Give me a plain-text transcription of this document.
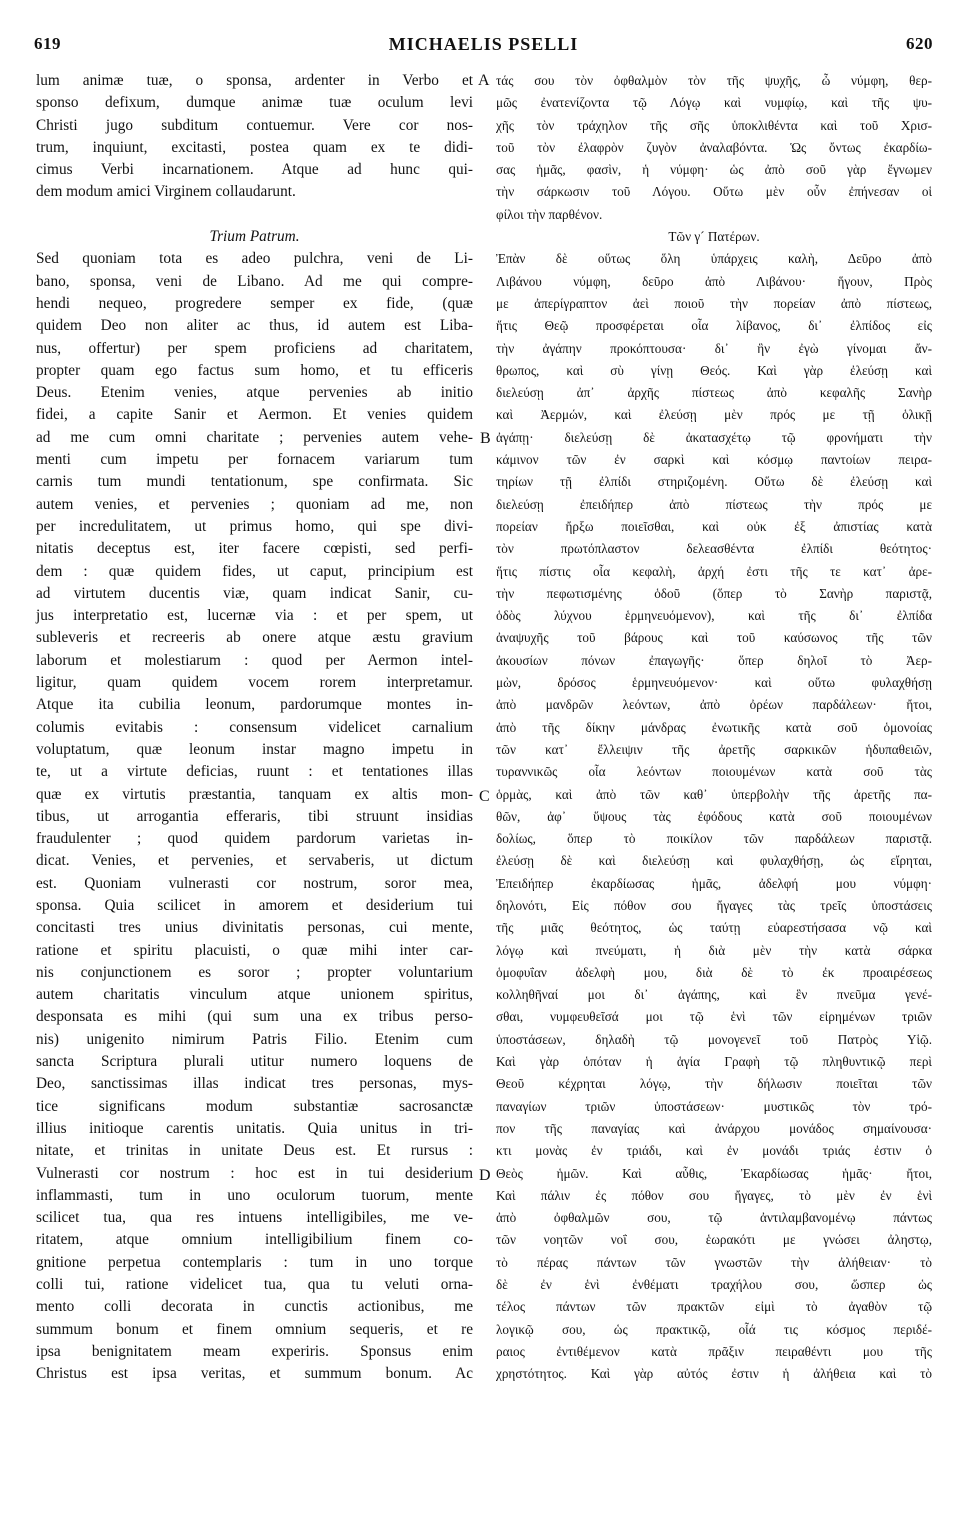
619	MICHAELIS PSELLI	620
lum animæ tuæ, o sponsa, ardenter in Verbo et
sponso defixum, dumque animæ tuæ oculum levi
Christi jugo subditum contuemur. Vere cor nos-
trum, inquiunt, excitasti, postea quam ex te didi-
cimus Verbi incarnationem. Atque ad hunc qui-
dem modum amici Virginem collaudarunt.
Trium Patrum.
Sed quoniam tota es adeo pulchra, veni de Li-
bano, sponsa, veni de Libano. Ad me qui compre-
hendi nequeo, progredere semper ex fide, (quæ
quidem Deo non aliter ac thus, id autem est Liba-
nus, offertur) per spem proficiens ad charitatem,
propter quam ego factus sum homo, et tu efficeris
Deus. Etenim venies, atque pervenies ab initio
fidei, a capite Sanir et Aermon. Et venies quidem
ad me cum omni charitate ; pervenies autem vehe-
menti cum impetu per fornacem variarum tum
carnis tum mundi tentationum, spe confirmata. Sic
autem venies, et pervenies ; quoniam ad me, non
per incredulitatem, ut primus homo, qui spe divi-
nitatis deceptus est, iter facere cœpisti, sed perfi-
dem : quæ quidem fides, ut caput, principium est
ad virtutem ducentis viæ, quam indicat Sanir, cu-
jus interpretatio est, lucernæ via : et per spem, ut
subleveris et recreeris ab onere atque æstu gravium
laborum et molestiarum : quod per Aermon intel-
ligitur, quam quidem vocem rorem interpretamur.
Atque ita cubilia leonum, pardorumque montes in-
columis evitabis : consensum videlicet carnalium
voluptatum, quæ leonum instar magno impetu in
te, ut a virtute deficias, ruunt : et tentationes illas
quæ ex virtutis præstantia, tanquam ex altis mon-
tibus, ut arrogantia efferaris, tibi struunt insidias
fraudulenter ; quod quidem pardorum varietas in-
dicat. Venies, et pervenies, et servaberis, ut dictum
est. Quoniam vulnerasti cor nostrum, soror mea,
sponsa. Quia scilicet in amorem et desiderium tui
concitasti tres unius divinitatis personas, cui mente,
ratione et spiritu placuisti, o quæ mihi inter car-
nis conjunctionem es soror ; propter voluntarium
autem charitatis vinculum atque unionem spiritus,
desponsata es mihi (qui sum una ex tribus perso-
nis) unigenito nimirum Patris Filio. Etenim cum
sancta Scriptura plurali utitur numero loquens de
Deo, sanctissimas illas indicat tres personas, mys-
tice significans modum substantiæ sacrosanctæ
illius initioque carentis unitatis. Quia unitus in tri-
nitate, et trinitas in unitate Deus est. Et rursus :
Vulnerasti cor nostrum : hoc est in tui desiderium
inflammasti, tum in uno oculorum tuorum, mente
scilicet tua, qua res intuens intelligibiles, me ve-
ritatem, atque omnium intelligibilium finem co-
gnitione perpetua contemplaris : tum in uno torque
colli tui, ratione videlicet tua, qua tu veluti orna-
mento colli decorata in cunctis actionibus, me
summum bonum et finem omnium sequeris, et re
ipsa benignitatem meam experiris. Sponsus enim
Christus est ipsa veritas, et summum bonum. Ac
τάς σου τὸν ὀφθαλμὸν τὸν τῆς ψυχῆς, ὦ νύμφη, θερ-
μῶς ἐνατενίζοντα τῷ Λόγῳ καὶ νυμφίῳ, καὶ τῆς ψυ-
χῆς τὸν τράχηλον τῆς σῆς ὑποκλιθέντα καὶ τοῦ Χρισ-
τοῦ τὸν ἐλαφρὸν ζυγὸν ἀναλαβόντα. Ὡς ὄντως ἐκαρδίω-
σας ἡμᾶς, φασὶν, ἡ νύμφη· ὡς ἀπὸ σοῦ γὰρ ἔγνωμεν
τὴν σάρκωσιν τοῦ Λόγου. Οὕτω μὲν οὖν ἐπήνεσαν οἱ
φίλοι τὴν παρθένον.
Τῶν γ´ Πατέρων.
Ἐπὰν δὲ οὕτως ὅλη ὑπάρχεις καλὴ, Δεῦρο ἀπὸ
Λιβάνου νύμφη, δεῦρο ἀπὸ Λιβάνου· ἥγουν, Πρὸς
με ἀπερίγραπτον ἀεὶ ποιοῦ τὴν πορείαν ἀπὸ πίστεως,
ἥτις Θεῷ προσφέρεται οἷα λίβανος, δι᾿ ἐλπίδος εἰς
τὴν ἀγάπην προκόπτουσα· δι᾿ ἣν ἐγὼ γίνομαι ἄν-
θρωπος, καὶ σὺ γίνῃ Θεός. Καὶ γὰρ ἐλεύσῃ καὶ
διελεύσῃ ἀπ᾿ ἀρχῆς πίστεως ἀπὸ κεφαλῆς Σανὴρ
καὶ Ἀερμών, καὶ ἐλεύσῃ μὲν πρός με τῇ ὁλικῇ
ἀγάπῃ· διελεύσῃ δὲ ἀκατασχέτῳ τῷ φρονήματι τὴν
κάμινον τῶν ἐν σαρκὶ καὶ κόσμῳ παντοίων πειρα-
τηρίων τῇ ἐλπίδι στηριζομένη. Οὕτω δὲ ἐλεύσῃ καὶ
διελεύσῃ ἐπειδήπερ ἀπὸ πίστεως τὴν πρός με
πορείαν ἤρξω ποιεῖσθαι, καὶ οὐκ ἐξ ἀπιστίας κατὰ
τὸν πρωτόπλαστον δελεασθέντα ἐλπίδι θεότητος·
ἥτις πίστις οἷα κεφαλὴ, ἀρχή ἐστι τῆς τε κατ᾿ ἀρε-
τὴν πεφωτισμένης ὁδοῦ (ὅπερ τὸ Σανὴρ παριστᾷ,
ὁδὸς λύχνου ἑρμηνευόμενον), καὶ τῆς δι᾿ ἐλπίδα
ἀναψυχῆς τοῦ βάρους καὶ τοῦ καύσωνος τῆς τῶν
ἀκουσίων πόνων ἐπαγωγῆς· ὅπερ δηλοῖ τὸ Ἀερ-
μὼν, δρόσος ἑρμηνευόμενον· καὶ οὕτω φυλαχθήσῃ
ἀπὸ μανδρῶν λεόντων, ἀπὸ ὀρέων παρδάλεων· ἤτοι,
ἀπὸ τῆς δίκην μάνδρας ἐνωτικῆς κατὰ σοῦ ὁμονοίας
τῶν κατ᾿ ἔλλειψιν τῆς ἀρετῆς σαρκικῶν ἡδυπαθειῶν,
τυραννικῶς οἷα λεόντων ποιουμένων κατὰ σοῦ τὰς
ὁρμὰς, καὶ ἀπὸ τῶν καθ᾿ ὑπερβολὴν τῆς ἀρετῆς πα-
θῶν, ἀφ᾿ ὕψους τὰς ἐφόδους κατὰ σοῦ ποιουμένων
δολίως, ὅπερ τὸ ποικίλον τῶν παρδάλεων παριστᾷ.
ἐλεύσῃ δὲ καὶ διελεύσῃ καὶ φυλαχθήσῃ, ὡς εἴρηται,
Ἐπειδήπερ ἐκαρδίωσας ἡμᾶς, ἀδελφή μου νύμφη·
δηλονότι, Εἰς πόθον σου ἤγαγες τὰς τρεῖς ὑποστάσεις
τῆς μιᾶς θεότητος, ὡς ταύτῃ εὐαρεστήσασα νῷ καὶ
λόγῳ καὶ πνεύματι, ἡ διὰ μὲν τὴν κατὰ σάρκα
ὁμοφυΐαν ἀδελφὴ μου, διὰ δὲ τὸ ἐκ προαιρέσεως
κολληθῆναί μοι δι᾿ ἀγάπης, καὶ ἓν πνεῦμα γενέ-
σθαι, νυμφευθεῖσά μοι τῷ ἑνὶ τῶν εἰρημένων τριῶν
ὑποστάσεων, δηλαδὴ τῷ μονογενεῖ τοῦ Πατρὸς Υἱῷ.
Καὶ γὰρ ὁπόταν ἡ ἁγία Γραφὴ τῷ πληθυντικῷ περὶ
Θεοῦ κέχρηται λόγῳ, τὴν δήλωσιν ποιεῖται τῶν
παναγίων τριῶν ὑποστάσεων· μυστικῶς τὸν τρό-
πον τῆς παναγίας καὶ ἀνάρχου μονάδος σημαίνουσα·
κτι μονὰς ἐν τριάδι, καὶ ἐν μονάδι τριάς ἐστιν ὁ
Θεὸς ἡμῶν. Καὶ αὖθις, Ἐκαρδίωσας ἡμᾶς· ἤτοι,
Καὶ πάλιν ἐς πόθον σου ἤγαγες, τὸ μὲν ἐν ἑνὶ
ἀπὸ ὀφθαλμῶν σου, τῷ ἀντιλαμβανομένῳ πάντως
τῶν νοητῶν νοΐ σου, ἑωρακότι με γνώσει ἀληστῳ,
τὸ πέρας πάντων τῶν γνωστῶν τὴν ἀλήθειαν· τὸ
δὲ ἐν ἑνὶ ἐνθέματι τραχήλου σου, ὥσπερ ὡς
τέλος πάντων τῶν πρακτῶν εἰμὶ τὸ ἀγαθὸν τῷ
λογικῷ σου, ὡς πρακτικῷ, οἷά τις κόσμος περιδέ-
ραιος ἐντιθέμενον κατὰ πρᾶξιν πειραθέντι μου τῆς
χρηστότητος. Καὶ γὰρ αὐτός ἐστιν ἡ ἀλήθεια καὶ τὸ
A
B
C
D
